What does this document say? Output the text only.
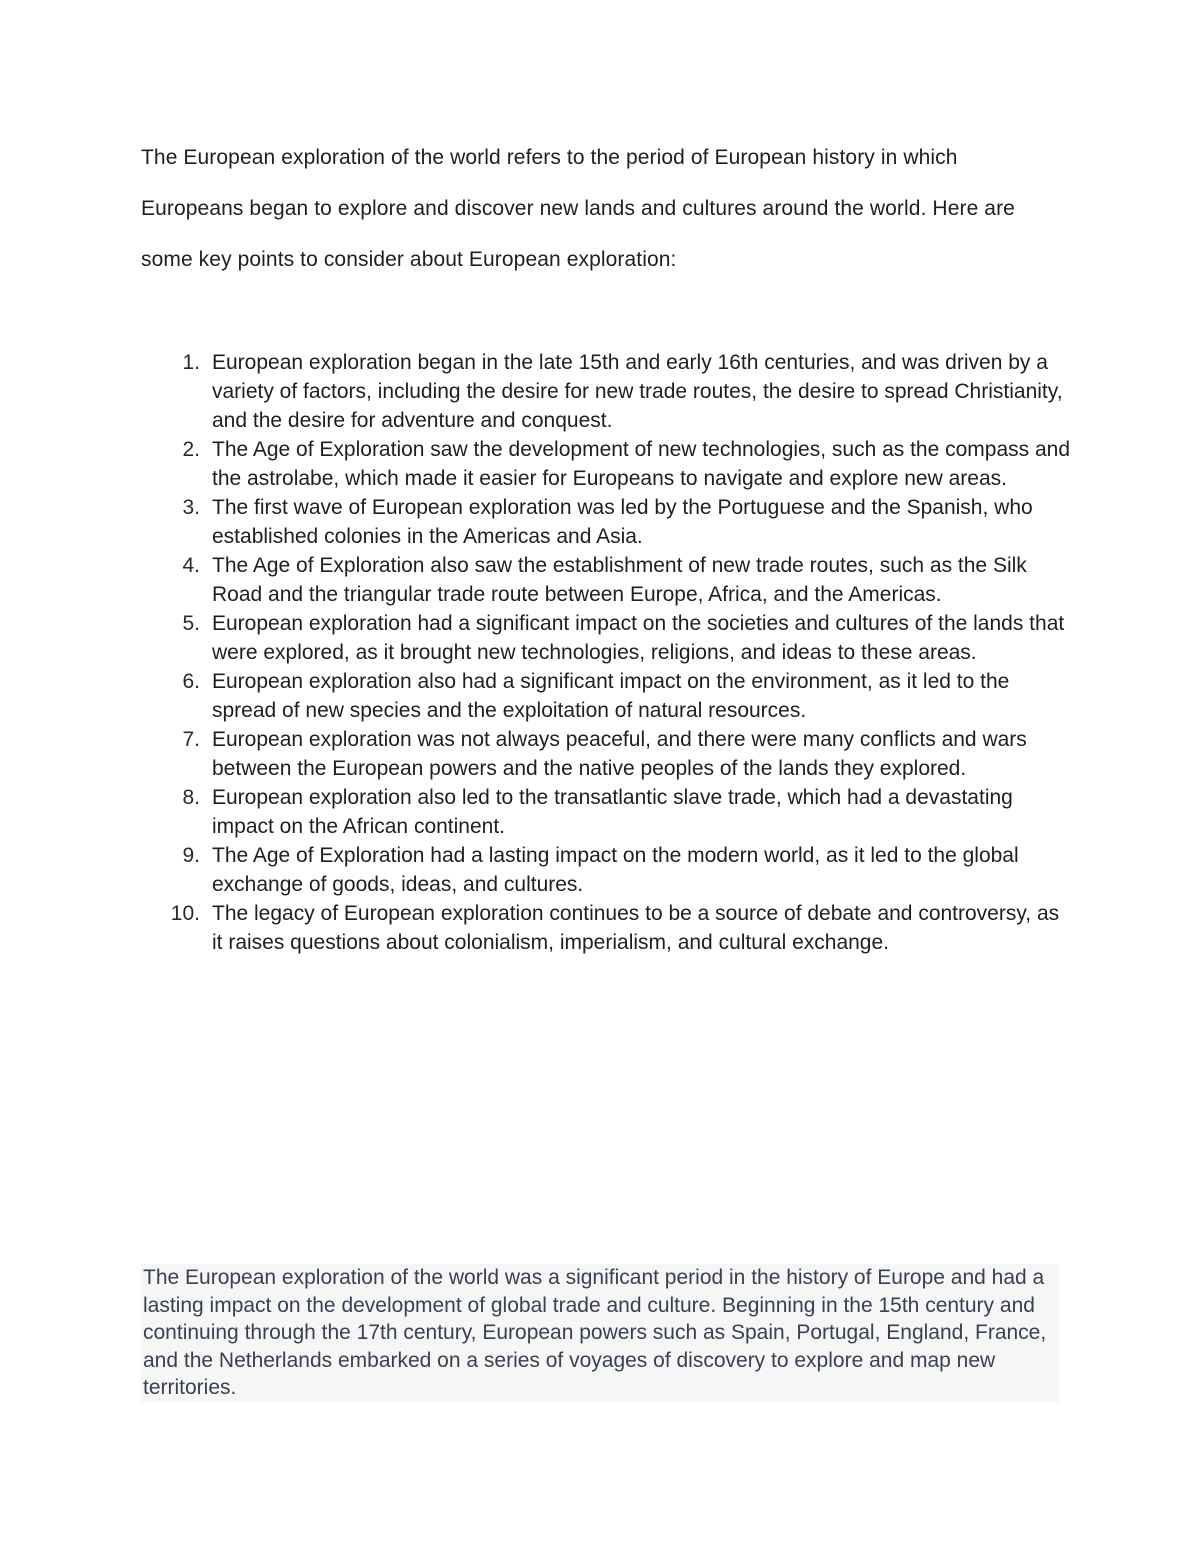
The European exploration of the world refers to the period of European history in which Europeans began to explore and discover new lands and cultures around the world. Here are some key points to consider about European exploration:

1. European exploration began in the late 15th and early 16th centuries, and was driven by a variety of factors, including the desire for new trade routes, the desire to spread Christianity, and the desire for adventure and conquest.
2. The Age of Exploration saw the development of new technologies, such as the compass and the astrolabe, which made it easier for Europeans to navigate and explore new areas.
3. The first wave of European exploration was led by the Portuguese and the Spanish, who established colonies in the Americas and Asia.
4. The Age of Exploration also saw the establishment of new trade routes, such as the Silk Road and the triangular trade route between Europe, Africa, and the Americas.
5. European exploration had a significant impact on the societies and cultures of the lands that were explored, as it brought new technologies, religions, and ideas to these areas.
6. European exploration also had a significant impact on the environment, as it led to the spread of new species and the exploitation of natural resources.
7. European exploration was not always peaceful, and there were many conflicts and wars between the European powers and the native peoples of the lands they explored.
8. European exploration also led to the transatlantic slave trade, which had a devastating impact on the African continent.
9. The Age of Exploration had a lasting impact on the modern world, as it led to the global exchange of goods, ideas, and cultures.
10. The legacy of European exploration continues to be a source of debate and controversy, as it raises questions about colonialism, imperialism, and cultural exchange.

The European exploration of the world was a significant period in the history of Europe and had a lasting impact on the development of global trade and culture. Beginning in the 15th century and continuing through the 17th century, European powers such as Spain, Portugal, England, France, and the Netherlands embarked on a series of voyages of discovery to explore and map new territories.
